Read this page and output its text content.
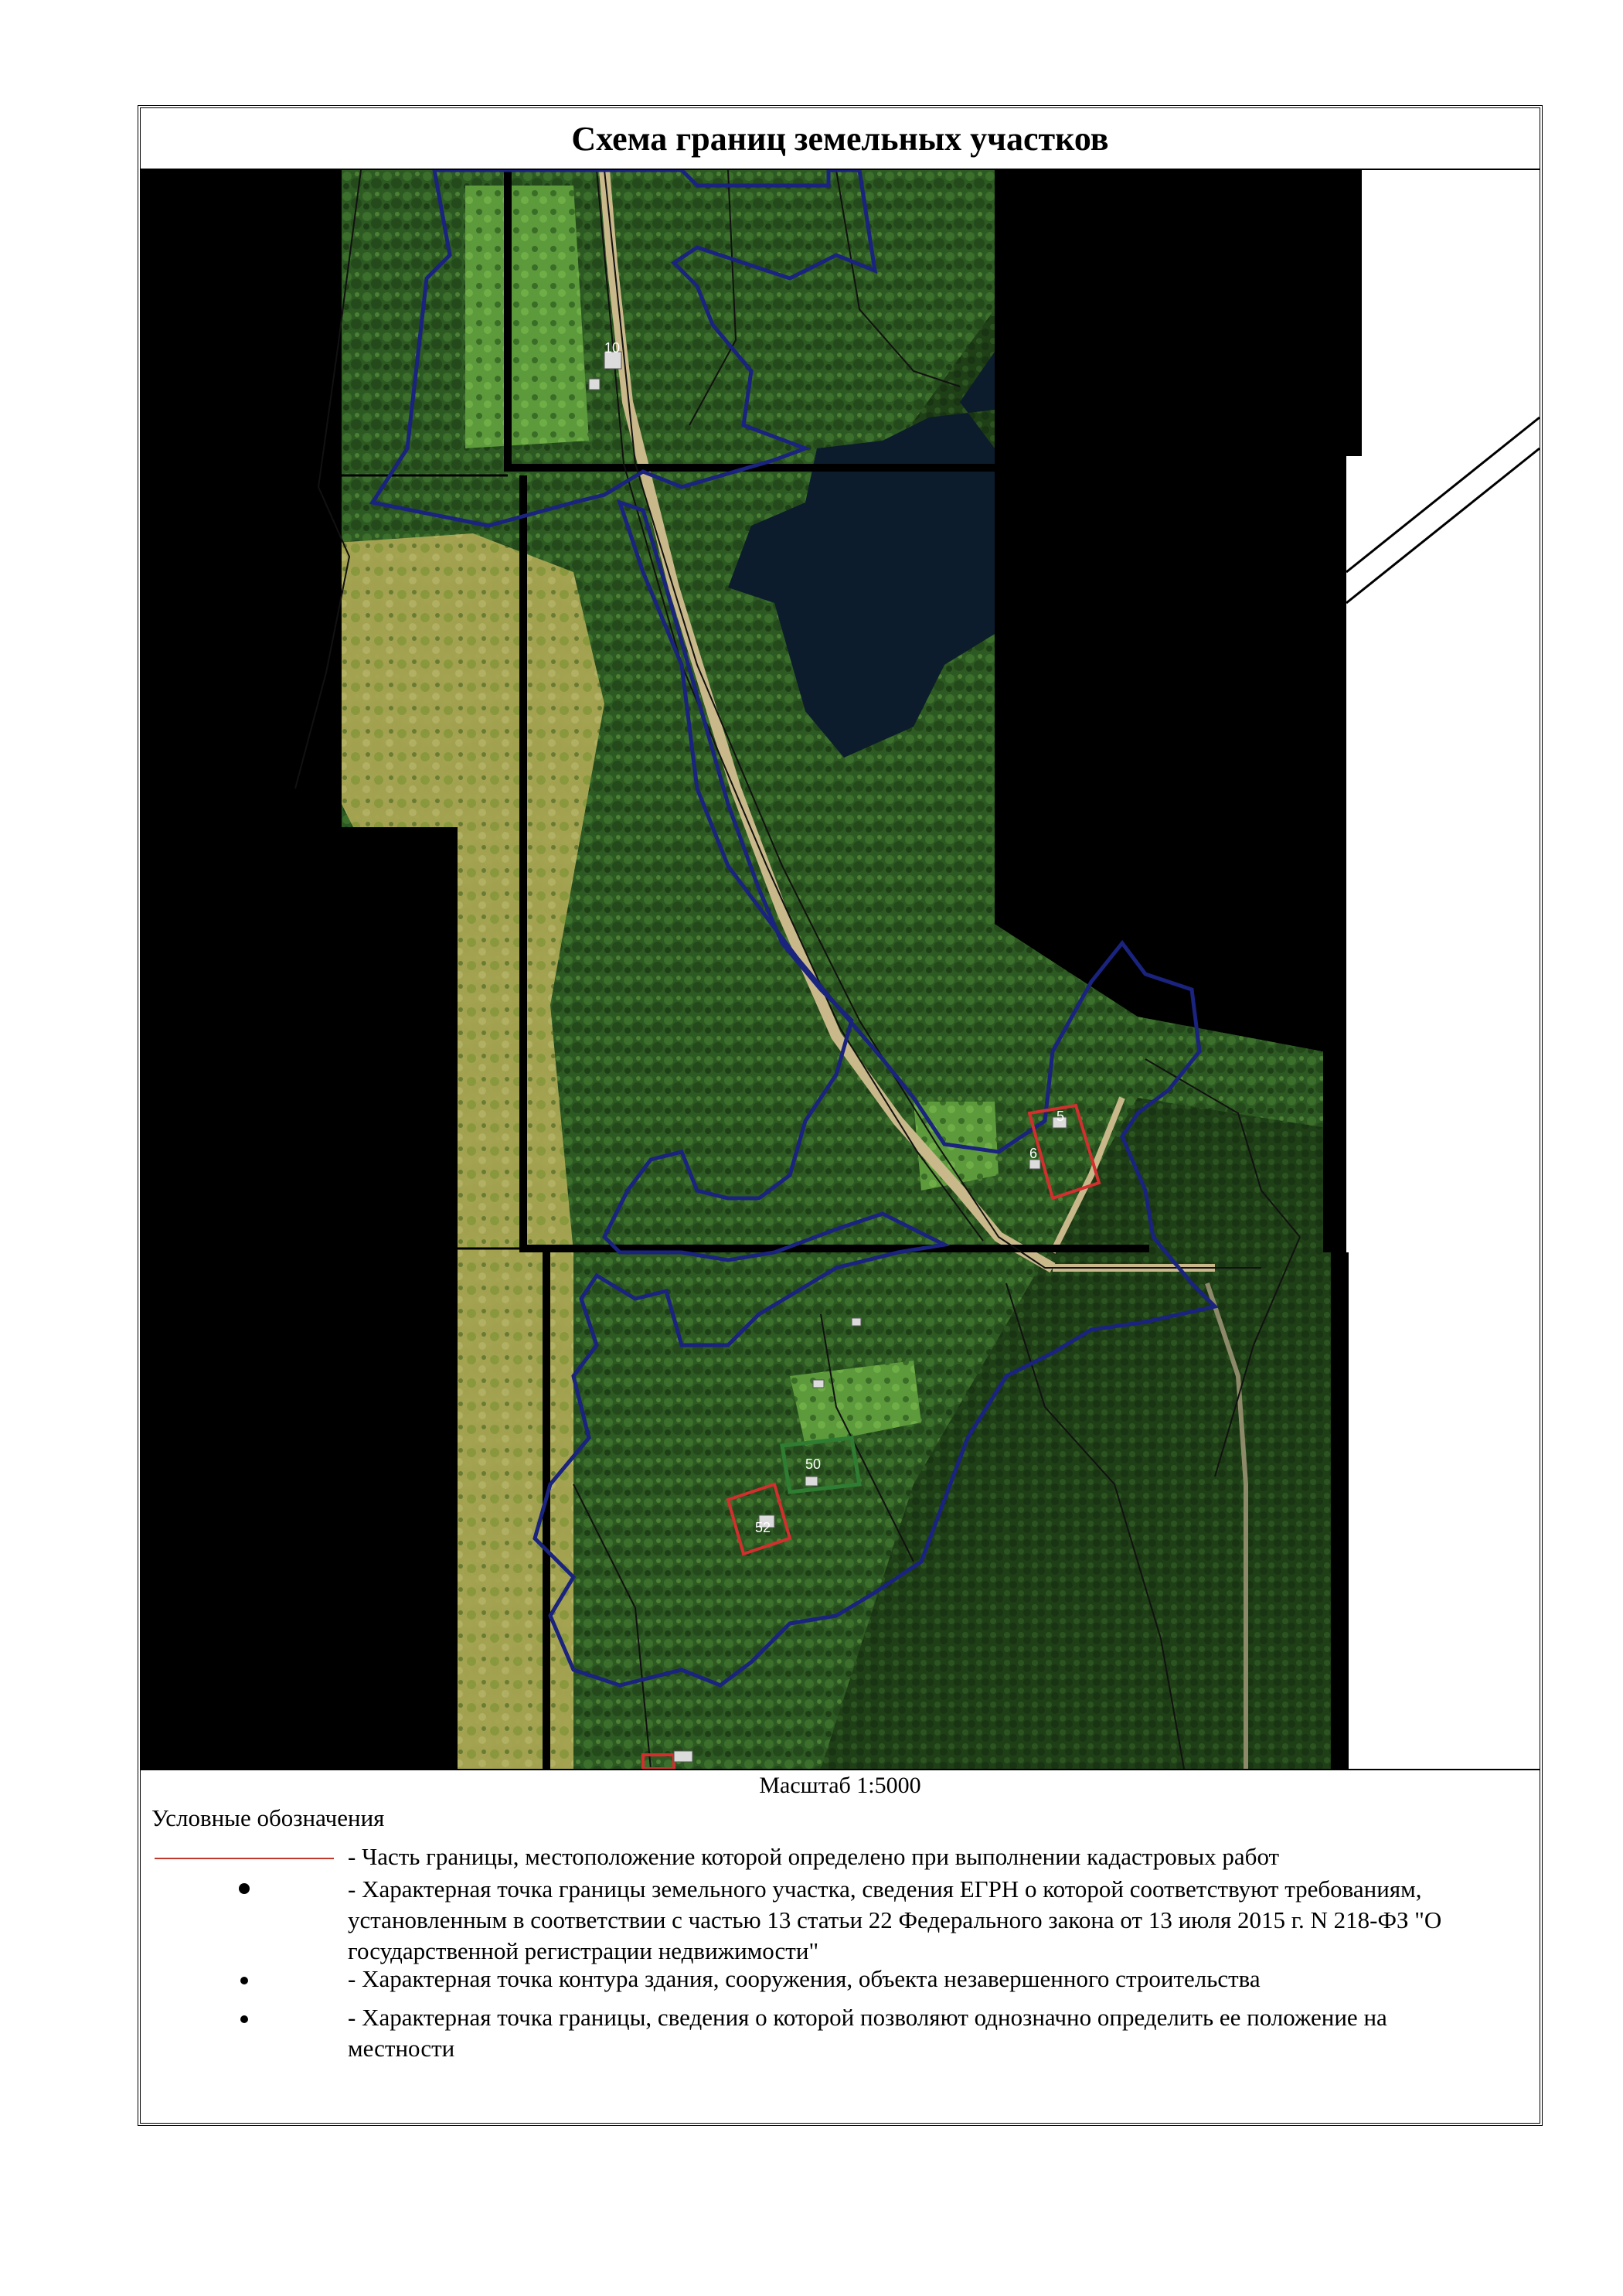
Схема границ земельных участков
10
50
52
6
5
Масштаб 1:5000
Условные обозначения
- Часть границы, местоположение которой определено при выполнении кадастровых работ
- Характерная точка границы земельного участка, сведения ЕГРН о которой соответствуют требованиям, установленным в соответствии с частью 13 статьи 22 Федерального закона от 13 июля 2015 г. N 218-ФЗ "О государственной регистрации недвижимости"
- Характерная точка контура здания, сооружения, объекта незавершенного строительства
- Характерная точка границы, сведения о которой позволяют однозначно определить ее положение на местности
